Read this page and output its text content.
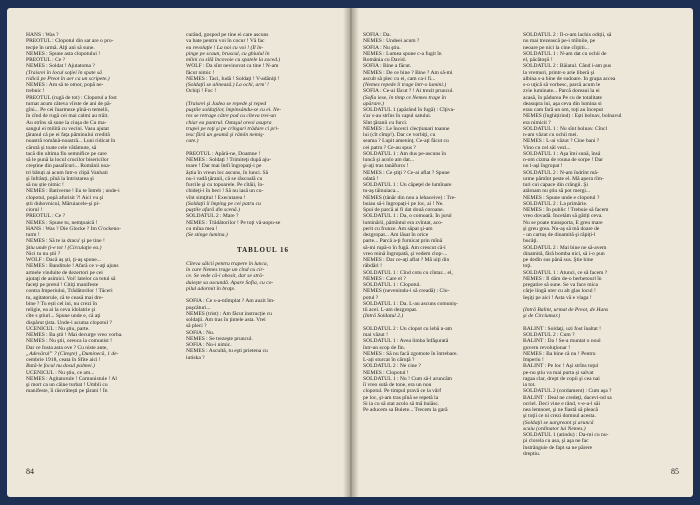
HANS : Was ?
PREOTUL : Clopotul din sat are o pro-
tecţie în urmă. Alţi ani să sune.
NEMES : Spune asta clopotului !
PREOTUL : Ce ?
NEMES : Soldat ! Ajutatoma ?
(Traisrei în locul soţiei în spate să
ridică pe Preot în aer ca un scripete.)
NEMES : Am să te omor, popă ne-
trebnic !
PREOTUL (rugă de tot) : Clopotul a fost
turnat acum câteva vîrste de ani de pă-
gîni... Pe cei înarmeze pînă-n temelii,
în cînd de rugă cei mai calmi au trăit.
Au strîns să sune la ciuşa de Cu ma-
sangul ei milită cu vecini. Vasu ajutat
ţăranul că pe ei fața păminului credită
noastră română-noastră... Luni ridicat în
cărută şi toate cele vătămute, să
tacă din ultima fiu semnifice pe care
să le pună la locul crucilor bisericilor
creştine din pasalîcuri... Românii noa-
tri bătuți ai acum într-o clipă Vanhati
şi înfrânți, pînă la întristarea şi
să nu știe nimic !
NEMES : Bativerne ! Eu te întreb ; unde-i
clopotul, popă afurisit ?! Aici vu şi
știi duhovnicul, Măruiacele-şi pi-
ciorul !
PREOTUL : Ce ?
NEMES : Spune tu, nemţoaică !
HANS : Was ? Die Glocke ? Im G'ockeno-
turm !
NEMES : Să te ia dracu' şi pe tine !
Ştiu unde ţi-e tot ! (Circulaţie ea.)
Nici tu nu știi ?
WOLF : Dacă aș ști, ţi-aş spune...
NEMES : Banditule ! Afară ce v-aţi ajuns
armele vinduite de dezertori pe cei
ajutaţi de asimici. Voi! latelor ca totul să
faceţi pe pretul ! Citiţi manifeste
contra Imperiului, Trădătorilor ! Tăceri
tu, agitatorule, că te ceasă mai dre-
bine ? Tu ești cel ini, nu crezi în
religie, ea ai la ceva idolatrie şi
cîte s ştiuri... Spune unde e, că aţi
dispărut ţista. Unde-i acuma clopotul ?
UCENICUL : Nu ştiu, parte.
NEMES : Ba ştii ! Mai decurge vreo vorba.
NEMES : Nu ştii, oreoca la comunist !
Dar ce fusta asta ove ? Cu niste ante,
„Adevărul” ? (Citeşte) „Duminecă, 1 de-
cembrie 1918, ceata în Sfite aici !
Bată-le focul nu dosul palmei.)
UCENICUL : Nu ştiu, ce am...
NEMES : Agitatorule ! Comunistule ! Al
şi mort ca un câine turbat ! Umbli cu
manifeste, îi răsvrătești pe ţărani ! În
curând, gospod pe tine ei care ascuns
va bate pentru voi în cocur ! Vă fac
eu revoluţie ! La noi cu voi ! (Îl în-
pinge pe scaun, bruscul, cu ghiulul în
mîini cu sîlă încovoie cu spatele la zoced.)
WOLF : Da sînt nevinovat ca tine ! N-am
făcut nimic !
NEMES : Taci, Iudă ! Soldaţi ! V-adăniţi !
(Soldaţii se alinează.) La ochi, arm' !
Ochiţi ! Foc !

(Traisrei şi Jadea se repede şi reped
puştile soldaţilor, împinsându-se cu ei. Ne-
res se retrage către pod cu cîteva trei-un
chiar ea pantrul. Ostaşul oreoi asupra
trupei pe toţi şi pe crînguri trădare ci pri-
tesc fără un geamă şi rămîn nemiş-
cate.)

PREOTUL : Apără-ne, Doamne !
NEMES : Soldaţi ! Trimiteţi după aju-
toare ! Dar mai întîi îngropaţi-i pe
ăștia în vreun loc ascuns, în lunci. Să
nu-i vadă ţăranii, că se răscoală cu
furcile şi cu topoarele. Pe cîtăii, în-
chideţi-i în beci ! Să nu iasă un cu-
vînt simţitul ! Executarea !
(Soldaţii îi împing pe cei patru cu
puştile afară din scenă.)
SOLDATUL 2 : Mare ?
NEMES : Trădătorilor ! Pe toţi vă-aopu-se
cu mîna mea !
(Se stinge lumina.)

TABLOUL 16

Cîteva sălcii pentru trapere în lunca,
în cure Nemes trage un cînd cu cir-
ce. Se vede că-i obosit, dar se stră-
duiește sa ascundă. Apare Sofia, cu co-
pilul adormit în braţe.

SOFIA : Ce s-a-ntîmplat ? Am auzit îm-
puşcături...
NEMES (trist) : Am făcut instrucție cu
soldaţii. Am tras în ţintele asta. Vrei
să pleci ?
SOFIA : Nu.
NEMES : Se trezeşte pruncul.
SOFIA : Nu-i nimic.
NEMES : Ascultă, tu eşti prietena cu
iutiska ?
84
SOFIA : Da.
NEMES : Undeei acum ?
SOFIA : Nu ştiu.
NEMES : Lumea spune c-a fugit în
România cu David.
SOFIA : Bine a făcut.
NEMES : De ce bine ? Bine ? Am să-mi
ascult să plec cu ei, cam ca-i fi...
(Nemes repede îi trage într-o lumini.)
SOFIA : Ce-ai făcut ? ! Ai trezit pruncul.
(Sofia iese, în timp ce Nemes trage în
apărare.)
SOLDATUL 1 (apărând în fugă) : Cîţiva-
s'ar s-au strîns în capul satului.
Sînt ţăranii cu furci.
NEMES : Le încerci clecțiunari toanne
lui (cît cîmp!). Dar ce vorbiţi, cu
seama ? Lupit ameninţ. Ce-aţi făcut cu
cei patru ? Ce-au spus ?
SOLDATUL 1 : Am dus pe-ascuns în
luncă şi acolo am dat...
şi-aţi tras tanăfurcs !
NEMES : Ce ştiţi ? Ce-ai aflat ? Spune
odată !
SOLDATUL 1 : Un căpeţel de lumînare
tu-aş tăinuiaca...
NEMES (tânăr din nou a lehaceive) : Tre-
buiau să-i îngropaţi-i pe loc, ai ! Ne.
Spui de parcă ai fi dat două coroane.
SOLDATUL 1 : Da, o comoară. În jurul
luminării, pămîntul era zvîntat, aco-
perit cu frunze. Am săpat şi-am
dezgropat... Am lăsat în orice
parte... Parcă a-ţi furnicat prin mînă
să-mi rupă-o în fugă. Am crescut că-l
vreo mină îngropată, şi vedem clop-...
NEMES : Dar ce-aţi aflat ? Mă uiţi din
răbdări !
SOLDATUL 1 : Cînd cotu cu cîntar... el,
NEMES : Care el ?
SOLDATUL 1 : Clopotul.
NEMES (nevenindu-i să creadă) : Clo-
potul ?
SOLDATUL 1 : Da. L-au ascuns comuniș-
tii acel. L-am dezgropat.
(Intră Soldatul 2.)

SOLDATUL 2 : Un clopot cu lebă n-am
mai văzut !
SOLDATUL 1 : Avea limba înfăşurată
într-un scop de fin.
NEMES : Să nu facă zgomote în întrebare.
L-ați sturcat în căruţă ?
SOLDATUL 2 : Ne cine ?
NEMES : Clopotul !
SOLDATUL 1 : Nu ! Cum să-l aruncăm
îi vreo sută de tone, era un nou
clopotul. Pe timpul pravă ce la vârf
pe loc, şi-am tras pînă se repetă la
Si ia cu să stat acolo să mă buiăsc.
Pe aducem sa Bulete... Trecem la gară
SOLDATUL 2 : Îl-o-am lachis odiții, să
nu mai trezească pe-i mîinile, pe
neoare pe nici la cine cîrpiti...
SOLDATUL 1 : N-am dat cu ochii de
el, păcătoşii !
SOLDATUL 2 : Băiatul. Când i-am pus
la vremuri, printr-o arie liberă şi
albina s-a bine de sudoare. În grapa accea
s-o uţică să vorbesc, parcă acum le
zvie luminate... Parcă doreaui la ei
acasă, în pădurea Pe cu de totalitate
deasupra lui, aşa ceva din lumina si
erau cam fară un om, toţi au început
NEMES (înghițirind) : Ești bolnav, bolnavul
era nimicit ?
SOLDATUL 1 : Nu sînt bolnav. Cîncl
n-am văzut cu ochii mei.
NEMES : L-ai văzut ? Cine bani ?
Vino cu cel săi vezi...
SOLDATUL 1 : Aşa îmi sună, însă
n-om cizma de rouna de sorpe ! Dar
nu l-aşi îngropat !
SOLDATUL 2 : N-am îndrînt mă-
urme pămînt peste el. Mă apera rîm-
turi cui capace din crăngii. Şi
atârnam nu ştiu să pot mergi...
NEMES : Spune unde e clopotul ?
SOLDATUL 2 : La primărie.
NEMES : În public ! Trebuie să facem
vreo dovadă. Încetăm să gătiți ceva.
Nu se poate transporta, E greu mare
şi greu grea. Nu-aş să mă doare de
- un cartuș de dinamită şi răpiți-l
bucăţi.
SOLDATUL 2 : Mai bine ne să-avem
dinamită, fără bomba nici, să i-o pun
pe dedîn sus până sus. Ştie bine
toţi.
SOLDATUL 1 : Atunci, ce să facem ?
NEMES : Îl dăm de-o berbetourl în
pregatire să sune. Se va face mica
cârje lingă uter cu alt glas locul !
Ieşiţi pe aici ! Asta vă e vlaga !

(Intră Balint, urmat de Preot, de Hans
şi de Circiumar.)

BALINT : Soldaţi, uzi fost înaltat !
SOLDATUL 2 : Cum ?
BALINT : Da ! Se-a muntat o noul
guvern revoluţionar !
NEMES : Ba bine că nu ! Pentru
Imperiu !
BALINT : Pe loc ! Aşi strîns toţul
pe-nu ştiu va mai purta și salvat
ragaa clar, drept de copii şi cea nai
ia tot.
SOLDATUL 2 (cordament) : Cum aşa ?
BALINT : Deal ne credeţi, dacevi-nd sa
ocriel. Deci vine e rând, v-e-a-l săi
nea lemnoet, şi ne fiastă să pleacă
şi toţii ce ni crezi domnul acesta.
(Soldaţii se uargreant şi aruncă
scaiu (ordinator lui Nemes.)
SOLDATUL 1 (atindu) : Da-mi cu nu-
pi clorela cu asa, şi aşa ne fac
înstrânguie de fapt sa ne părere
dreptiu.
85
